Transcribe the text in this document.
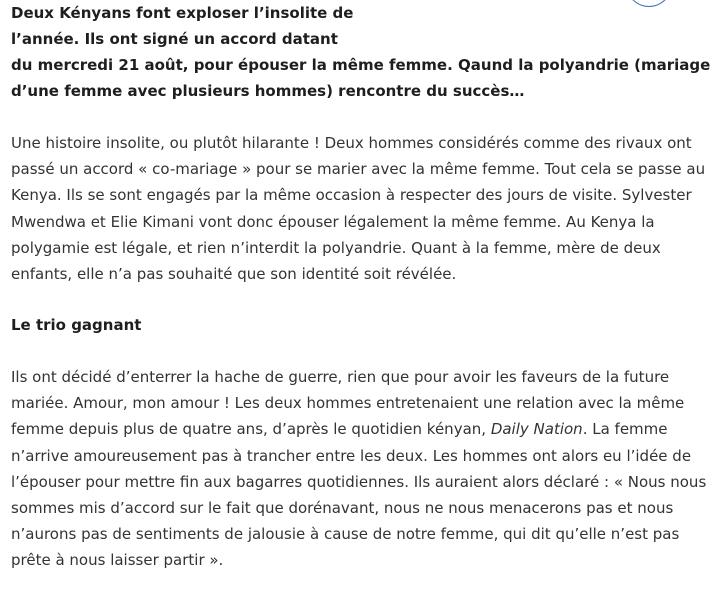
Deux Kényans font exploser l’insolite de
l’année. Ils ont signé un accord datant
du mercredi 21 août, pour épouser la même femme. Qaund la polyandrie (mariage
d’une femme avec plusieurs hommes) rencontre du succès…

Une histoire insolite, ou plutôt hilarante ! Deux hommes considérés comme des rivaux ont
passé un accord « co-mariage » pour se marier avec la même femme. Tout cela se passe au
Kenya. Ils se sont engagés par la même occasion à respecter des jours de visite. Sylvester
Mwendwa et Elie Kimani vont donc épouser légalement la même femme. Au Kenya la
polygamie est légale, et rien n’interdit la polyandrie. Quant à la femme, mère de deux
enfants, elle n’a pas souhaité que son identité soit révélée.

Le trio gagnant

Ils ont décidé d’enterrer la hache de guerre, rien que pour avoir les faveurs de la future
mariée. Amour, mon amour ! Les deux hommes entretenaient une relation avec la même
femme depuis plus de quatre ans, d’après le quotidien kényan, Daily Nation. La femme
n’arrive amoureusement pas à trancher entre les deux. Les hommes ont alors eu l’idée de
l’épouser pour mettre fin aux bagarres quotidiennes. Ils auraient alors déclaré : « Nous nous
sommes mis d’accord sur le fait que dorénavant, nous ne nous menacerons pas et nous
n’aurons pas de sentiments de jalousie à cause de notre femme, qui dit qu’elle n’est pas
prête à nous laisser partir ».
